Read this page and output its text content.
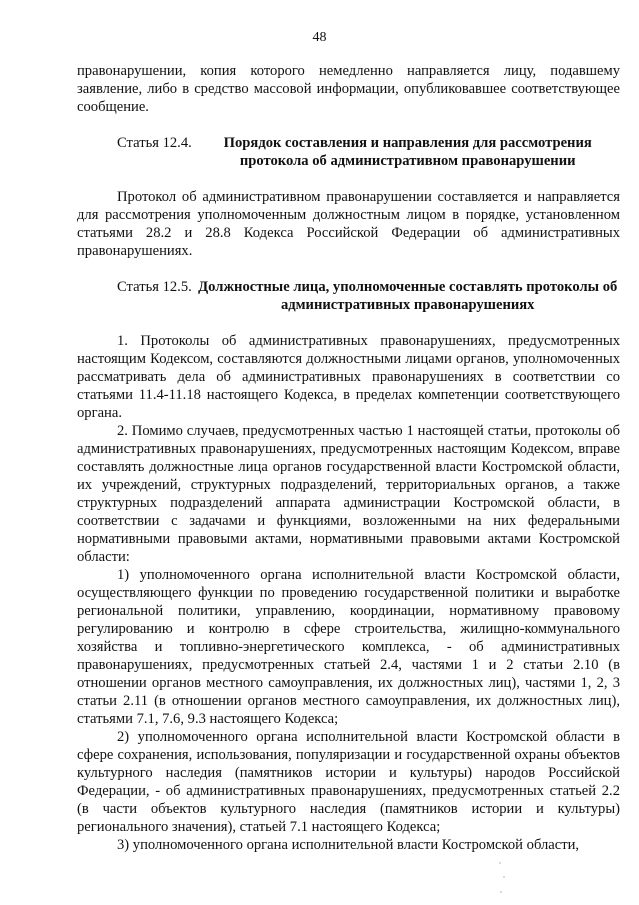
48

правонарушении, копия которого немедленно направляется лицу, подавшему заявление, либо в средство массовой информации, опубликовавшее соответствующее сообщение.

Статья 12.4.	Порядок составления и направления для рассмотрения протокола об административном правонарушении

Протокол об административном правонарушении составляется и направляется для рассмотрения уполномоченным должностным лицом в порядке, установленном статьями 28.2 и 28.8 Кодекса Российской Федерации об административных правонарушениях.

Статья 12.5. Должностные лица, уполномоченные составлять протоколы об административных правонарушениях

1. Протоколы об административных правонарушениях, предусмотренных настоящим Кодексом, составляются должностными лицами органов, уполномоченных рассматривать дела об административных правонарушениях в соответствии со статьями 11.4-11.18 настоящего Кодекса, в пределах компетенции соответствующего органа.

2. Помимо случаев, предусмотренных частью 1 настоящей статьи, протоколы об административных правонарушениях, предусмотренных настоящим Кодексом, вправе составлять должностные лица органов государственной власти Костромской области, их учреждений, структурных подразделений, территориальных органов, а также структурных подразделений аппарата администрации Костромской области, в соответствии с задачами и функциями, возложенными на них федеральными нормативными правовыми актами, нормативными правовыми актами Костромской области:

1) уполномоченного органа исполнительной власти Костромской области, осуществляющего функции по проведению государственной политики и выработке региональной политики, управлению, координации, нормативному правовому регулированию и контролю в сфере строительства, жилищно-коммунального хозяйства и топливно-энергетического комплекса, - об административных правонарушениях, предусмотренных статьей 2.4, частями 1 и 2 статьи 2.10 (в отношении органов местного самоуправления, их должностных лиц), частями 1, 2, 3 статьи 2.11 (в отношении органов местного самоуправления, их должностных лиц), статьями 7.1, 7.6, 9.3 настоящего Кодекса;

2) уполномоченного органа исполнительной власти Костромской области в сфере сохранения, использования, популяризации и государственной охраны объектов культурного наследия (памятников истории и культуры) народов Российской Федерации, - об административных правонарушениях, предусмотренных статьей 2.2 (в части объектов культурного наследия (памятников истории и культуры) регионального значения), статьей 7.1 настоящего Кодекса;

3) уполномоченного органа исполнительной власти Костромской области,
